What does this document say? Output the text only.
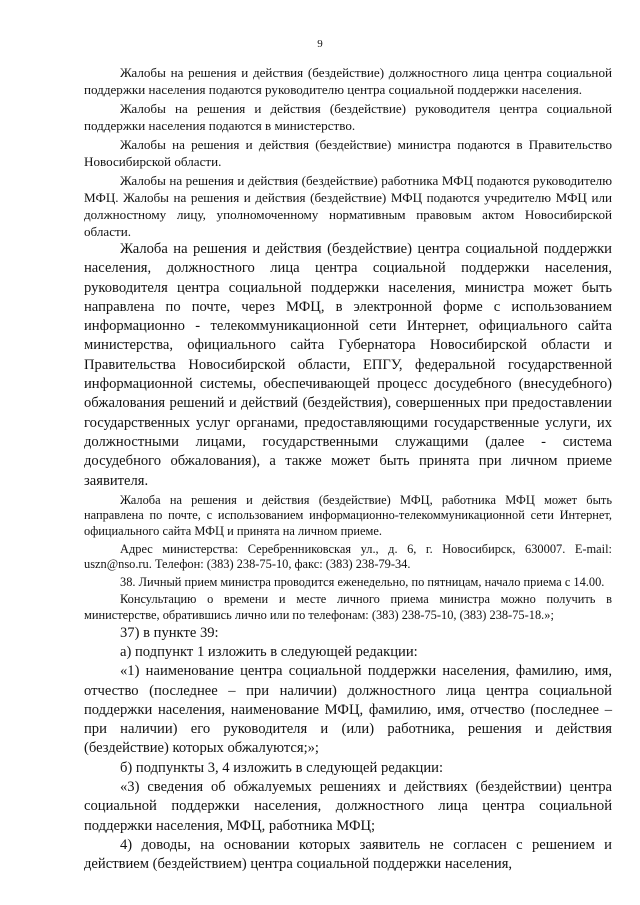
9

Жалобы на решения и действия (бездействие) должностного лица центра социальной поддержки населения подаются руководителю центра социальной поддержки населения.

Жалобы на решения и действия (бездействие) руководителя центра социальной поддержки населения подаются в министерство.

Жалобы на решения и действия (бездействие) министра подаются в Правительство Новосибирской области.

Жалобы на решения и действия (бездействие) работника МФЦ подаются руководителю МФЦ. Жалобы на решения и действия (бездействие) МФЦ подаются учредителю МФЦ или должностному лицу, уполномоченному нормативным правовым актом Новосибирской области.

Жалоба на решения и действия (бездействие) центра социальной поддержки населения, должностного лица центра социальной поддержки населения, руководителя центра социальной поддержки населения, министра может быть направлена по почте, через МФЦ, в электронной форме с использованием информационно - телекоммуникационной сети Интернет, официального сайта министерства, официального сайта Губернатора Новосибирской области и Правительства Новосибирской области, ЕПГУ, федеральной государственной информационной системы, обеспечивающей процесс досудебного (внесудебного) обжалования решений и действий (бездействия), совершенных при предоставлении государственных услуг органами, предоставляющими государственные услуги, их должностными лицами, государственными служащими (далее - система досудебного обжалования), а также может быть принята при личном приеме заявителя.

Жалоба на решения и действия (бездействие) МФЦ, работника МФЦ может быть направлена по почте, с использованием информационно-телекоммуникационной сети Интернет, официального сайта МФЦ и принята на личном приеме.

Адрес министерства: Серебренниковская ул., д. 6, г. Новосибирск, 630007. E-mail: uszn@nso.ru. Телефон: (383) 238-75-10, факс: (383) 238-79-34.

38. Личный прием министра проводится еженедельно, по пятницам, начало приема с 14.00.

Консультацию о времени и месте личного приема министра можно получить в министерстве, обратившись лично или по телефонам: (383) 238-75-10, (383) 238-75-18.»;

37) в пункте 39:

а) подпункт 1 изложить в следующей редакции:

«1) наименование центра социальной поддержки населения, фамилию, имя, отчество (последнее – при наличии) должностного лица центра социальной поддержки населения, наименование МФЦ, фамилию, имя, отчество (последнее – при наличии) его руководителя и (или) работника, решения и действия (бездействие) которых обжалуются;»;

б) подпункты 3, 4 изложить в следующей редакции:

«3) сведения об обжалуемых решениях и действиях (бездействии) центра социальной поддержки населения, должностного лица центра социальной поддержки населения, МФЦ, работника МФЦ;

4) доводы, на основании которых заявитель не согласен с решением и действием (бездействием) центра социальной поддержки населения,
